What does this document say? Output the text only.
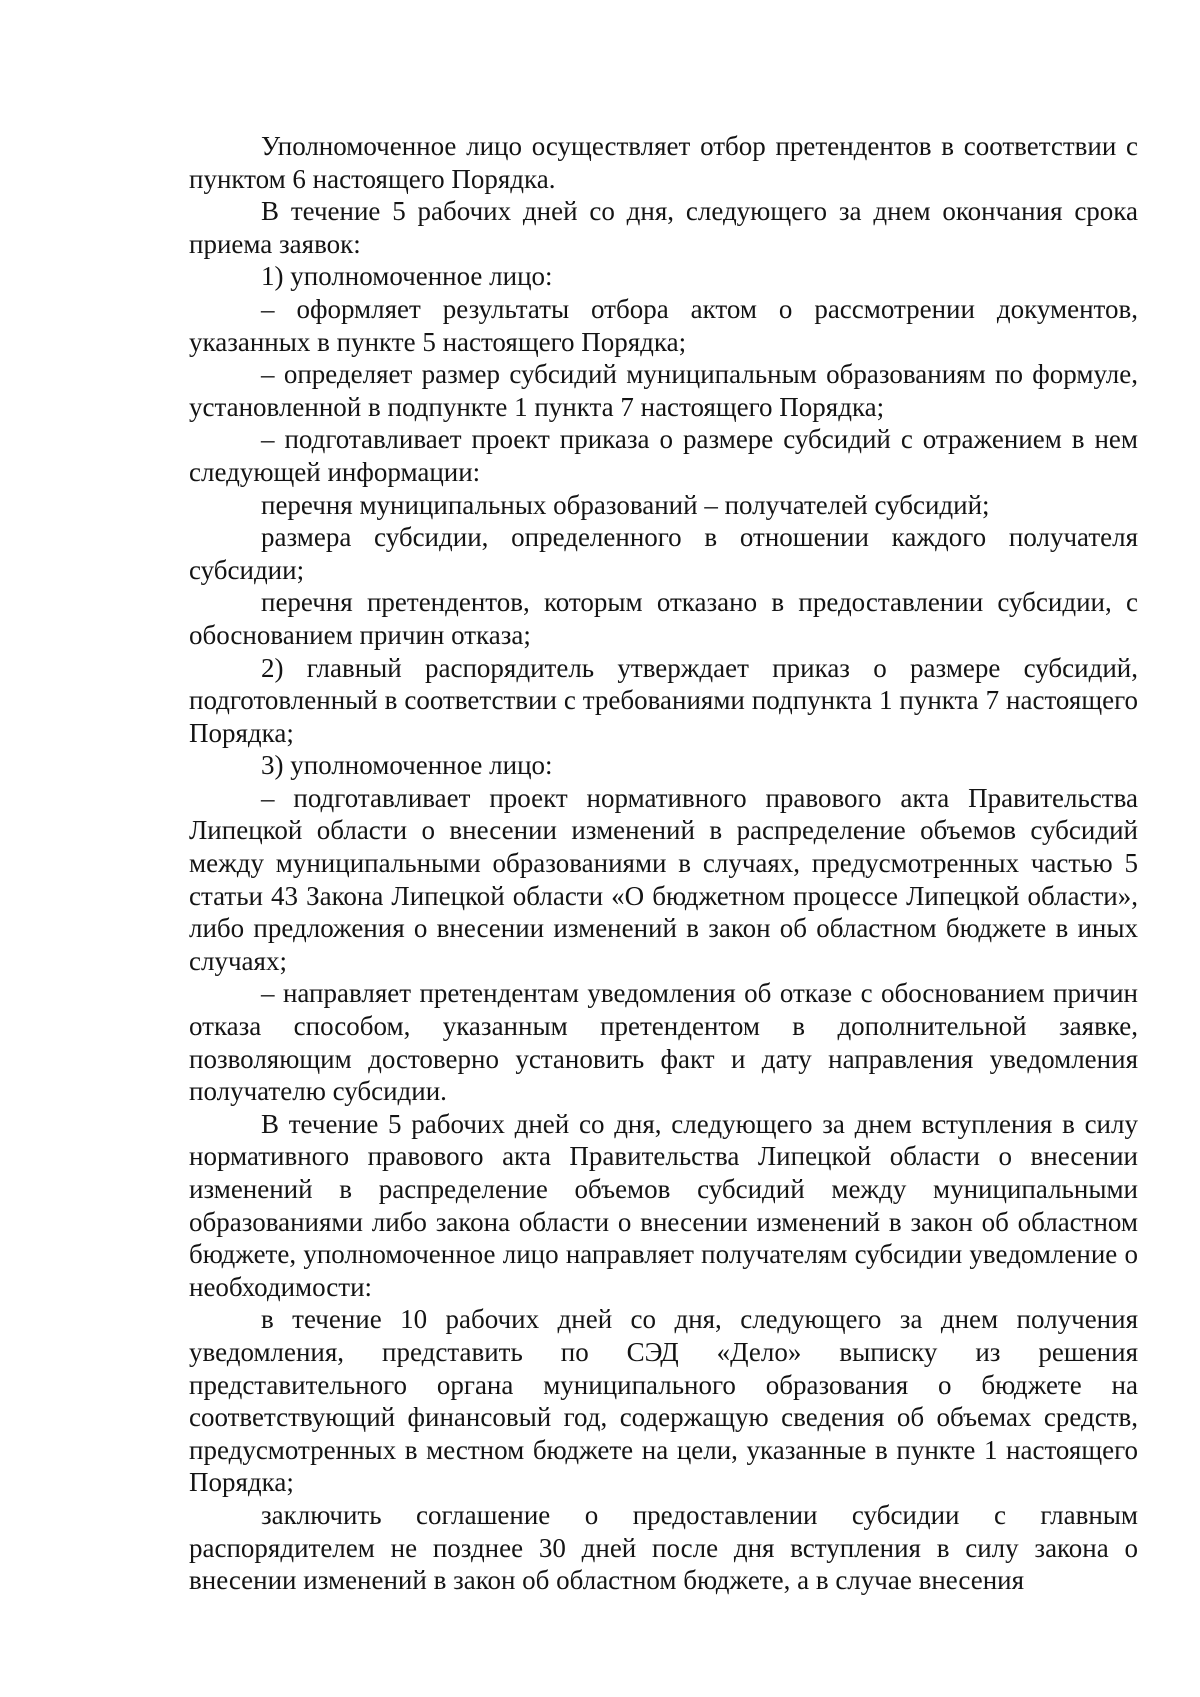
Уполномоченное лицо осуществляет отбор претендентов в соответствии с пунктом 6 настоящего Порядка.

В течение 5 рабочих дней со дня, следующего за днем окончания срока приема заявок:

1) уполномоченное лицо:

– оформляет результаты отбора актом о рассмотрении документов, указанных в пункте 5 настоящего Порядка;

– определяет размер субсидий муниципальным образованиям по формуле, установленной в подпункте 1 пункта 7 настоящего Порядка;

– подготавливает проект приказа о размере субсидий с отражением в нем следующей информации:

перечня муниципальных образований – получателей субсидий;

размера субсидии, определенного в отношении каждого получателя субсидии;

перечня претендентов, которым отказано в предоставлении субсидии, с обоснованием причин отказа;

2) главный распорядитель утверждает приказ о размере субсидий, подготовленный в соответствии с требованиями подпункта 1 пункта 7 настоящего Порядка;

3) уполномоченное лицо:

– подготавливает проект нормативного правового акта Правительства Липецкой области о внесении изменений в распределение объемов субсидий между муниципальными образованиями в случаях, предусмотренных частью 5 статьи 43 Закона Липецкой области «О бюджетном процессе Липецкой области», либо предложения о внесении изменений в закон об областном бюджете в иных случаях;

– направляет претендентам уведомления об отказе с обоснованием причин отказа способом, указанным претендентом в дополнительной заявке, позволяющим достоверно установить факт и дату направления уведомления получателю субсидии.

В течение 5 рабочих дней со дня, следующего за днем вступления в силу нормативного правового акта Правительства Липецкой области о внесении изменений в распределение объемов субсидий между муниципальными образованиями либо закона области о внесении изменений в закон об областном бюджете, уполномоченное лицо направляет получателям субсидии уведомление о необходимости:

в течение 10 рабочих дней со дня, следующего за днем получения уведомления, представить по СЭД «Дело» выписку из решения представительного органа муниципального образования о бюджете на соответствующий финансовый год, содержащую сведения об объемах средств, предусмотренных в местном бюджете на цели, указанные в пункте 1 настоящего Порядка;

заключить соглашение о предоставлении субсидии с главным распорядителем не позднее 30 дней после дня вступления в силу закона о внесении изменений в закон об областном бюджете, а в случае внесения
